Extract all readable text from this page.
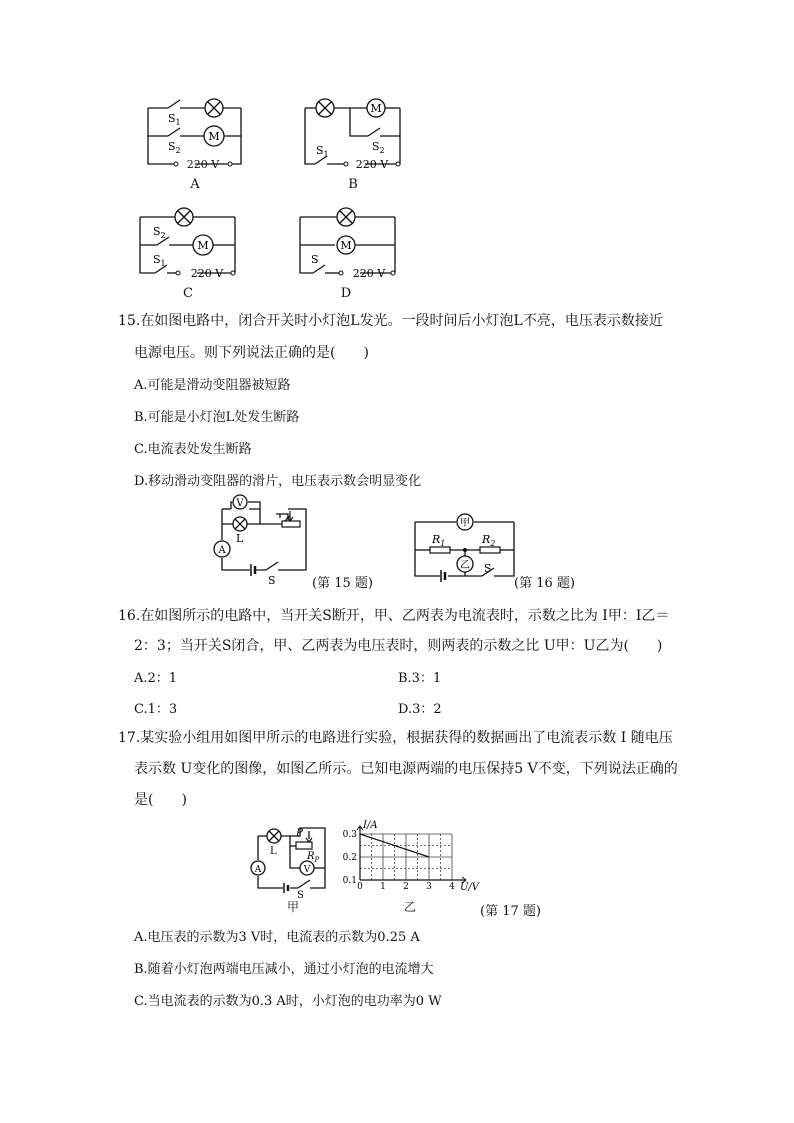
M
$S_1$
$S_2$
220 V
A
M
$S_1$
$S_2$
220 V
B
M
$S_2$
$S_1$
220 V
C
M
S
220 V
D
15.在如图电路中，闭合开关时小灯泡L发光。一段时间后小灯泡L不亮，电压表示数接近
电源电压。则下列说法正确的是(　　)
A.可能是滑动变阻器被短路
B.可能是小灯泡L处发生断路
C.电流表处发生断路
D.移动滑动变阻器的滑片，电压表示数会明显变化
V
L
A
S	(第 15 题)
甲
乙
$R_1$	$R_2$
S
(第 16 题)
16.在如图所示的电路中，当开关S断开，甲、乙两表为电流表时，示数之比为 I甲：I乙＝
2：3；当开关S闭合，甲、乙两表为电压表时，则两表的示数之比 U甲：U乙为(　　)
A.2：1	B.3：1
C.1：3	D.3：2
17.某实验小组用如图甲所示的电路进行实验，根据获得的数据画出了电流表示数 I 随电压
表示数 U变化的图像，如图乙所示。已知电源两端的电压保持5 V不变，下列说法正确的
是(　　)
L
A	V
P
$R_P$
S
甲
0 1 2 3 4
0.1
0.2
0.3
I/A
U/V
乙	(第 17 题)
A.电压表的示数为3 V时，电流表的示数为0.25 A
B.随着小灯泡两端电压减小，通过小灯泡的电流增大
C.当电流表的示数为0.3 A时，小灯泡的电功率为0 W
